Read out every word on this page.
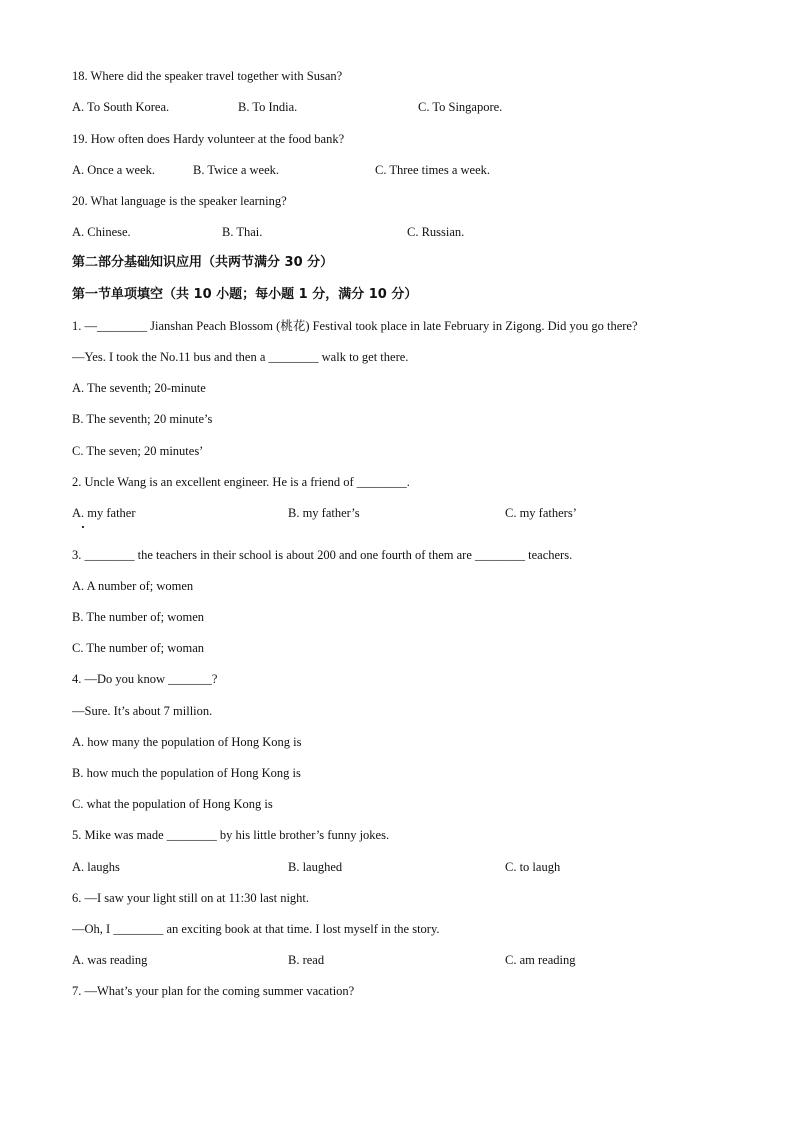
18. Where did the speaker travel together with Susan?
A. To South Korea.	B. To India.	C. To Singapore.
19. How often does Hardy volunteer at the food bank?
A. Once a week.	B. Twice a week.	C. Three times a week.
20. What language is the speaker learning?
A. Chinese.	B. Thai.	C. Russian.
第二部分基础知识应用（共两节满分 30 分）
第一节单项填空（共 10 小题；每小题 1 分，满分 10 分）
1. —________ Jianshan Peach Blossom (桃花) Festival took place in late February in Zigong. Did you go there?
—Yes. I took the No.11 bus and then a ________ walk to get there.
A. The seventh; 20-minute
B. The seventh; 20 minute’s
C. The seven; 20 minutes’
2. Uncle Wang is an excellent engineer. He is a friend of ________.
A. my father	B. my father’s	C. my fathers’
3. ________ the teachers in their school is about 200 and one fourth of them are ________ teachers.
A. A number of; women
B. The number of; women
C. The number of; woman
4. —Do you know _______?
—Sure. It’s about 7 million.
A. how many the population of Hong Kong is
B. how much the population of Hong Kong is
C. what the population of Hong Kong is
5. Mike was made ________ by his little brother’s funny jokes.
A. laughs	B. laughed	C. to laugh
6. —I saw your light still on at 11:30 last night.
—Oh, I ________ an exciting book at that time. I lost myself in the story.
A. was reading	B. read	C. am reading
7. —What’s your plan for the coming summer vacation?
